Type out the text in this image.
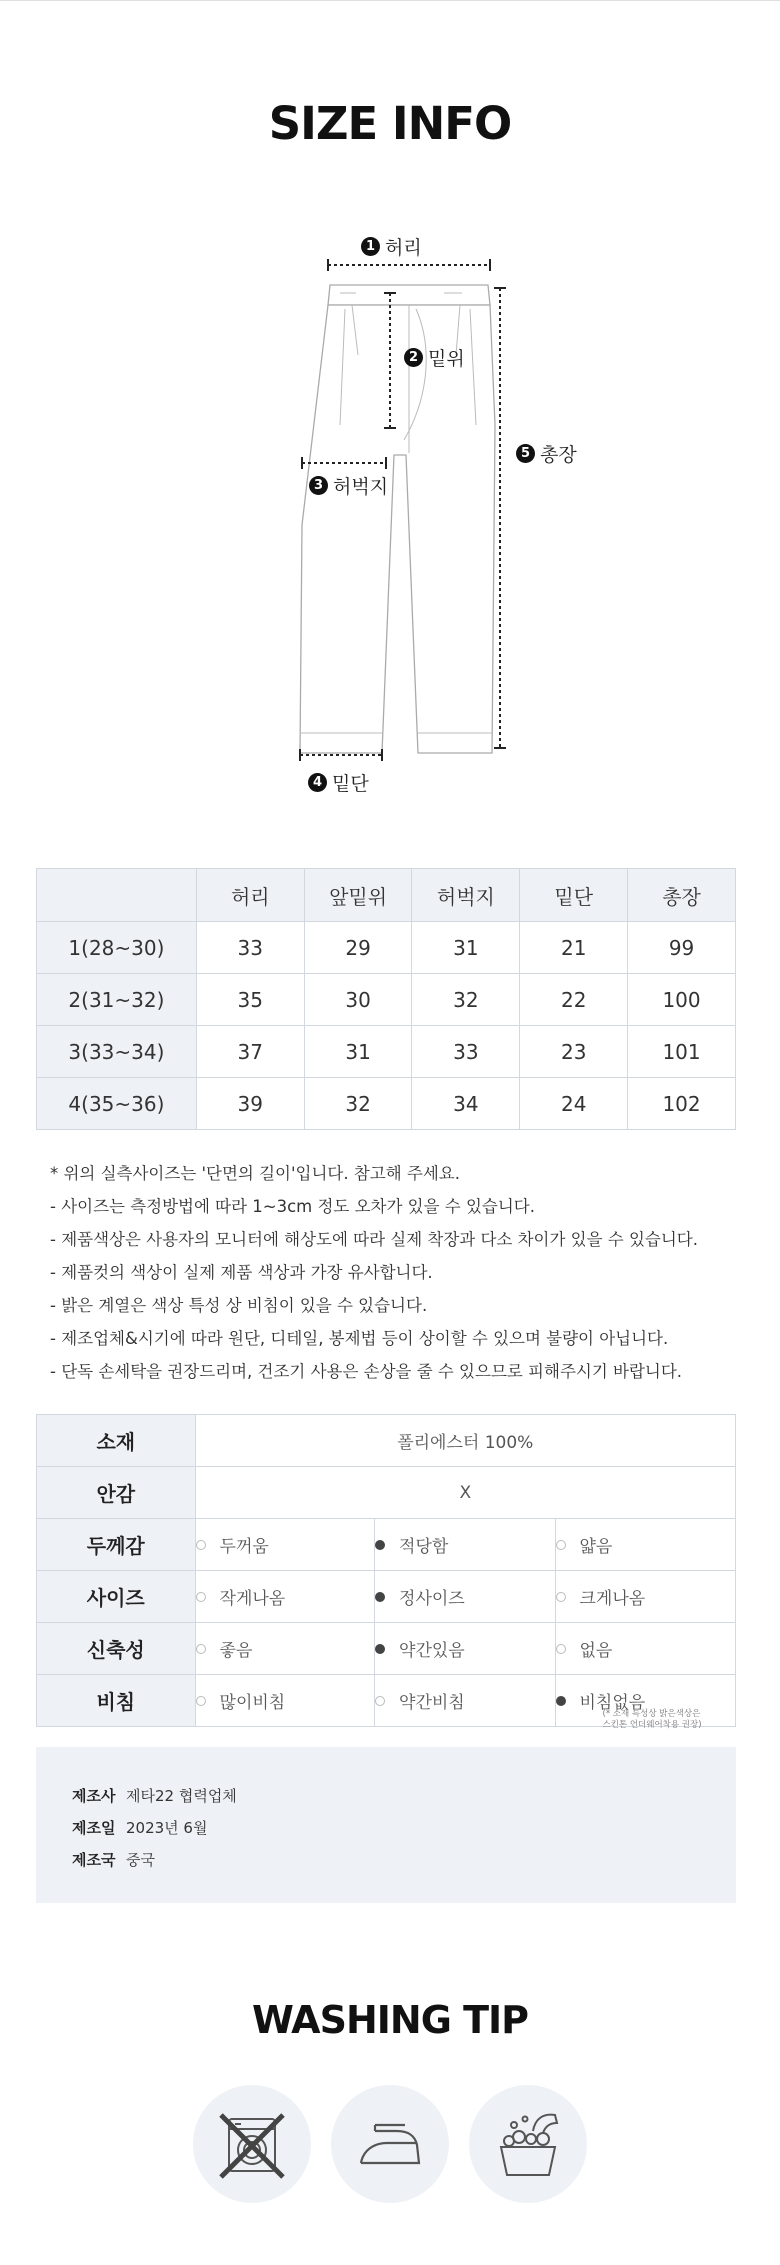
SIZE INFO
1 허리
2 밑위
3 허벅지
4 밑단
5 총장
	허리	앞밑위	허벅지	밑단	총장
1(28~30)	33	29	31	21	99
2(31~32)	35	30	32	22	100
3(33~34)	37	31	33	23	101
4(35~36)	39	32	34	24	102
* 위의 실측사이즈는 '단면의 길이'입니다. 참고해 주세요.
- 사이즈는 측정방법에 따라 1~3cm 정도 오차가 있을 수 있습니다.
- 제품색상은 사용자의 모니터에 해상도에 따라 실제 착장과 다소 차이가 있을 수 있습니다.
- 제품컷의 색상이 실제 제품 색상과 가장 유사합니다.
- 밝은 계열은 색상 특성 상 비침이 있을 수 있습니다.
- 제조업체&시기에 따라 원단, 디테일, 봉제법 등이 상이할 수 있으며 불량이 아닙니다.
- 단독 손세탁을 권장드리며, 건조기 사용은 손상을 줄 수 있으므로 피해주시기 바랍니다.
소재	폴리에스터 100%		
안감	X		
두께감	두꺼움	적당함	얇음
사이즈	작게나옴	정사이즈	크게나옴
신축성	좋음	약간있음	없음
비침	많이비침	약간비침	비침없음
(* 소재 특성상 밝은색상은
스킨톤 언더웨어착용 권장)
제조사 제타22 협력업체
제조일 2023년 6월
제조국 중국
WASHING TIP
